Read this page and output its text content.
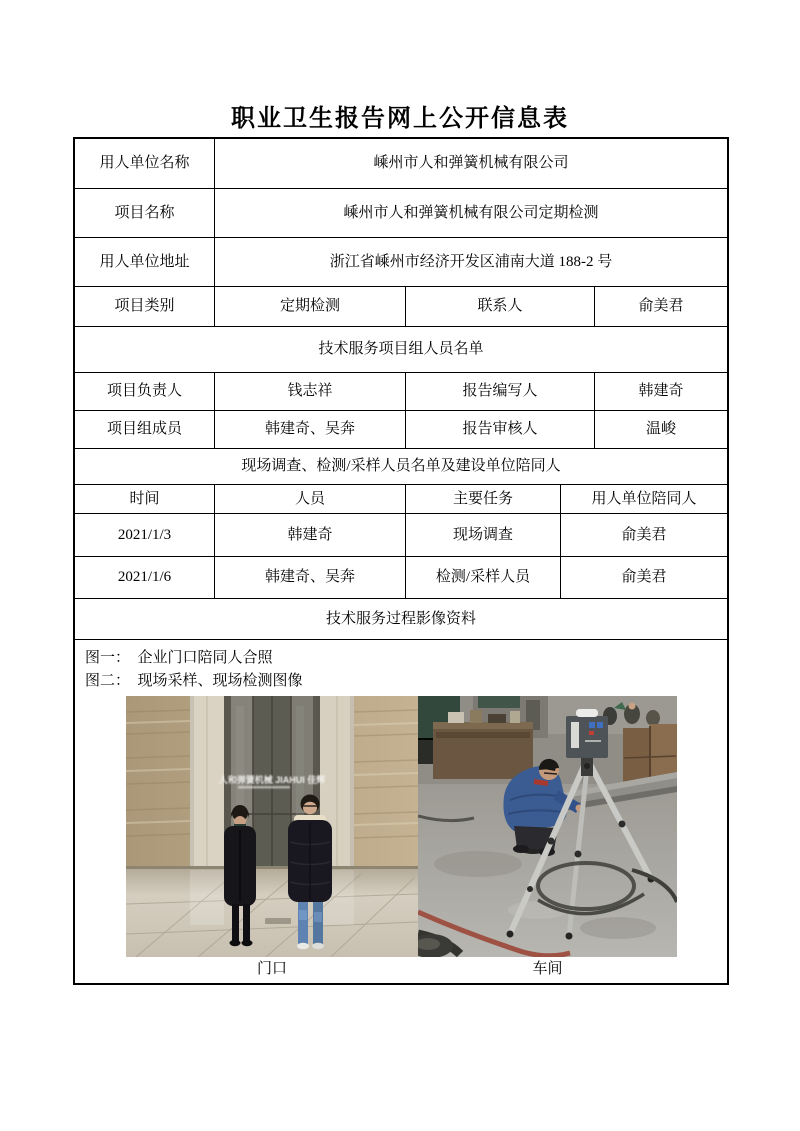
职业卫生报告网上公开信息表
用人单位名称	嵊州市人和弹簧机械有限公司
项目名称	嵊州市人和弹簧机械有限公司定期检测
用人单位地址	浙江省嵊州市经济开发区浦南大道 188-2 号
项目类别	定期检测	联系人	俞美君
技术服务项目组人员名单
项目负责人	钱志祥	报告编写人	韩建奇
项目组成员	韩建奇、吴奔	报告审核人	温峻
现场调查、检测/采样人员名单及建设单位陪同人
时间	人员	主要任务	用人单位陪同人
2021/1/3	韩建奇	现场调查	俞美君
2021/1/6	韩建奇、吴奔	检测/采样人员	俞美君
技术服务过程影像资料
图一：  企业门口陪同人合照
图二：  现场采样、现场检测图像
人和弹簧机械 JIAHUI 佳辉
门口	车间
